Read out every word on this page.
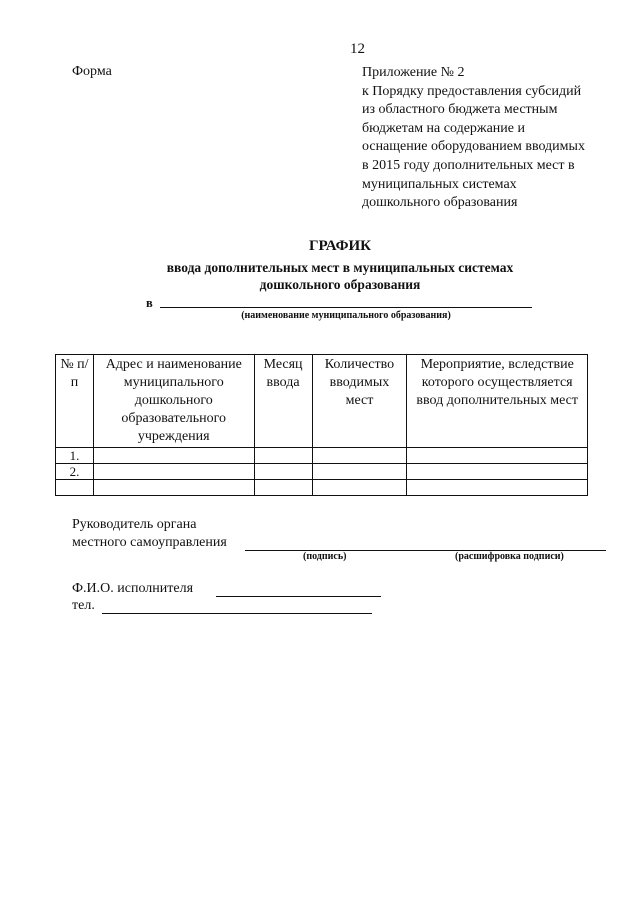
12
Форма	Приложение № 2
к Порядку предоставления субсидий
из областного бюджета местным
бюджетам на содержание и
оснащение оборудованием вводимых
в 2015 году дополнительных мест в
муниципальных системах
дошкольного образования
ГРАФИК
ввода дополнительных мест в муниципальных системах
дошкольного образования
в
(наименование муниципального образования)
№ п/п	Адрес и наименование муниципального дошкольного образовательного учреждения	Месяц ввода	Количество вводимых мест	Мероприятие, вследствие которого осуществляется ввод дополнительных мест
1.				
2.				

Руководитель органа
местного самоуправления
(подпись)	(расшифровка подписи)
Ф.И.О. исполнителя
тел.
